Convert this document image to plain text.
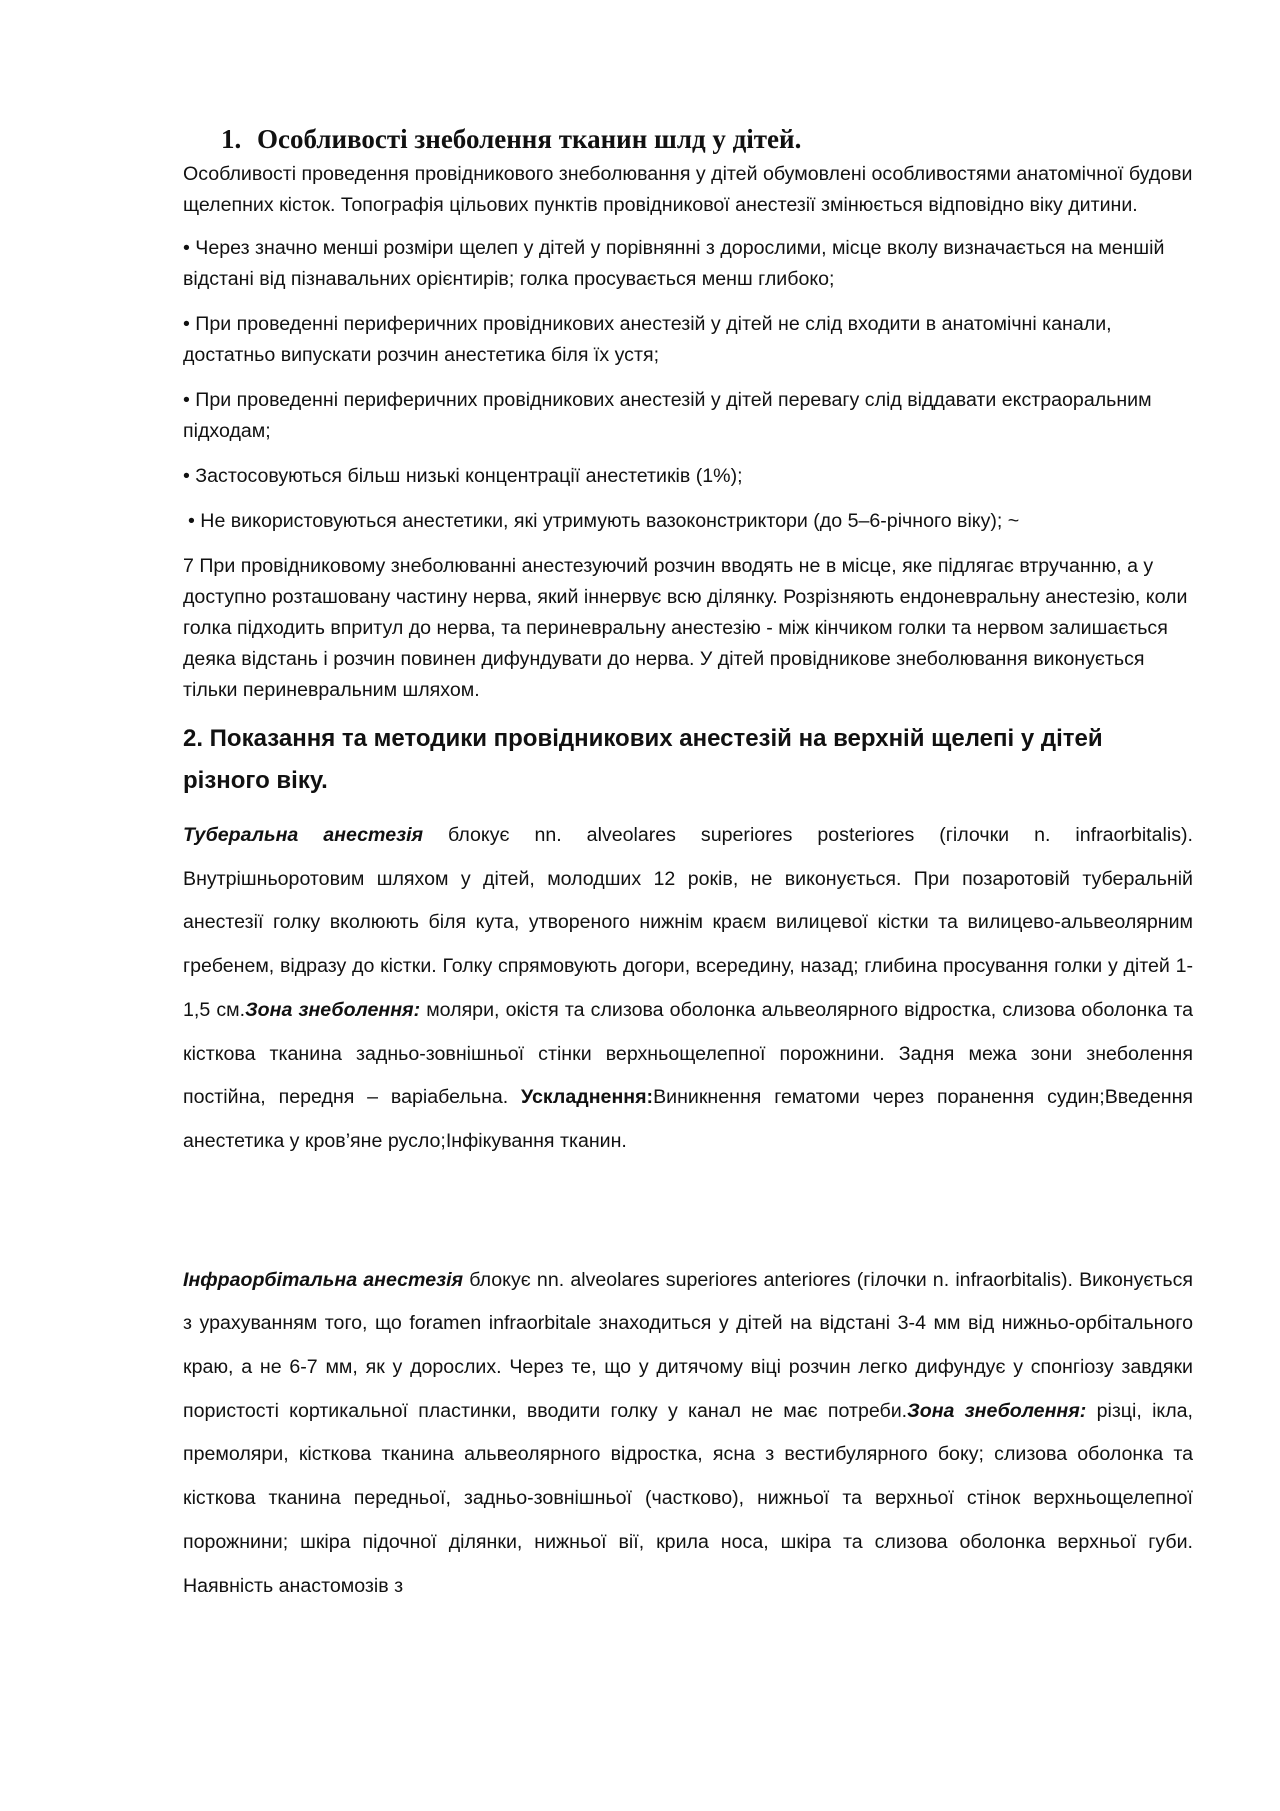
1. Особливості знеболення тканин шлд у дітей.

Особливості проведення провідникового знеболювання у дітей обумовлені особливостями анатомічної будови щелепних кісток. Топографія цільових пунктів провідникової анестезії змінюється відповідно віку дитини.

• Через значно менші розміри щелеп у дітей у порівнянні з дорослими, місце вколу визначається на меншій відстані від пізнавальних орієнтирів; голка просувається менш глибоко;

• При проведенні периферичних провідникових анестезій у дітей не слід входити в анатомічні канали, достатньо випускати розчин анестетика біля їх устя;

• При проведенні периферичних провідникових анестезій у дітей перевагу слід віддавати екстраоральним підходам;

• Застосовуються більш низькі концентрації анестетиків (1%);

• Не використовуються анестетики, які утримують вазоконстриктори (до 5–6-річного віку); ~

7 При провідниковому знеболюванні анестезуючий розчин вводять не в місце, яке підлягає втручанню, а у доступно розташовану частину нерва, який іннервує всю ділянку. Розрізняють ендоневральну анестезію, коли голка підходить впритул до нерва, та периневральну анестезію - між кінчиком голки та нервом залишається деяка відстань і розчин повинен дифундувати до нерва. У дітей провідникове знеболювання виконується тільки периневральним шляхом.

2. Показання та методики провідникових анестезій на верхній щелепі у дітей різного віку.

Туберальна анестезія блокує nn. alveolares superiores posteriores (гілочки n. infraorbitalis). Внутрішньоротовим шляхом у дітей, молодших 12 років, не виконується. При позаротовій туберальній анестезії голку вколюють біля кута, утвореного нижнім краєм вилицевої кістки та вилицево-альвеолярним гребенем, відразу до кістки. Голку спрямовують догори, всередину, назад; глибина просування голки у дітей 1-1,5 см.Зона знеболення: моляри, окістя та слизова оболонка альвеолярного відростка, слизова оболонка та кісткова тканина задньо-зовнішньої стінки верхньощелепної порожнини. Задня межа зони знеболення постійна, передня – варіабельна. Ускладнення:Виникнення гематоми через поранення судин;Введення анестетика у кров’яне русло;Інфікування тканин.

Інфраорбітальна анестезія блокує nn. alveolares superiores anteriores (гілочки n. infraorbitalis). Виконується з урахуванням того, що foramen infraorbitale знаходиться у дітей на відстані 3-4 мм від нижньо-орбітального краю, а не 6-7 мм, як у дорослих. Через те, що у дитячому віці розчин легко дифундує у спонгіозу завдяки пористості кортикальної пластинки, вводити голку у канал не має потреби.Зона знеболення: різці, ікла, премоляри, кісткова тканина альвеолярного відростка, ясна з вестибулярного боку; слизова оболонка та кісткова тканина передньої, задньо-зовнішньої (частково), нижньої та верхньої стінок верхньощелепної порожнини; шкіра підочної ділянки, нижньої вії, крила носа, шкіра та слизова оболонка верхньої губи. Наявність анастомозів з
